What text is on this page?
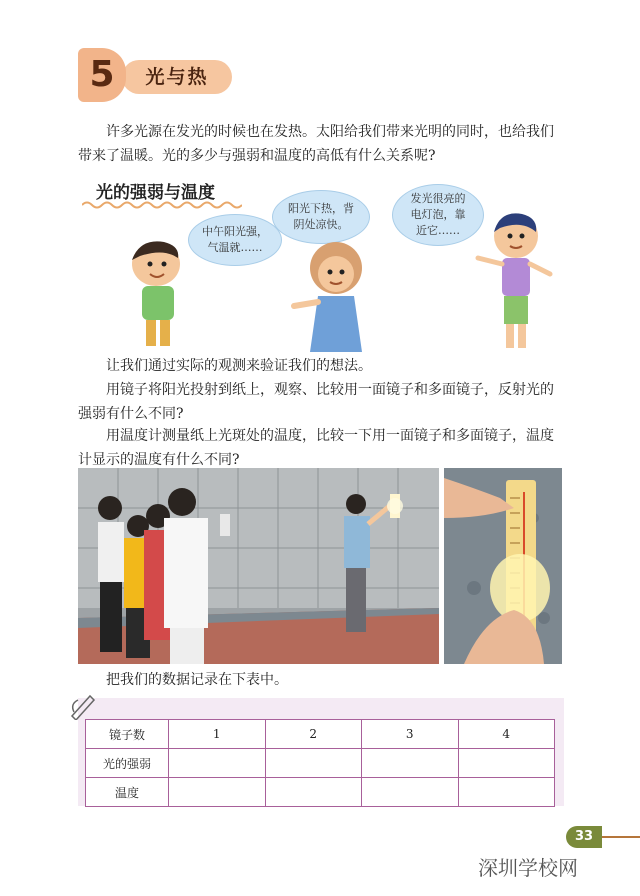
光与热
5
许多光源在发光的时候也在发热。太阳给我们带来光明的同时，也给我们
带来了温暖。光的多少与强弱和温度的高低有什么关系呢?
光的强弱与温度
中午阳光强，
气温就……
阳光下热，背
阴处凉快。
发光很亮的
电灯泡，靠
近它……
让我们通过实际的观测来验证我们的想法。
用镜子将阳光投射到纸上，观察、比较用一面镜子和多面镜子，反射光的
强弱有什么不同?
用温度计测量纸上光斑处的温度，比较一下用一面镜子和多面镜子，温度
计显示的温度有什么不同?
把我们的数据记录在下表中。
镜子数	1	2	3	4
光的强弱				
温度				
33
深圳学校网
